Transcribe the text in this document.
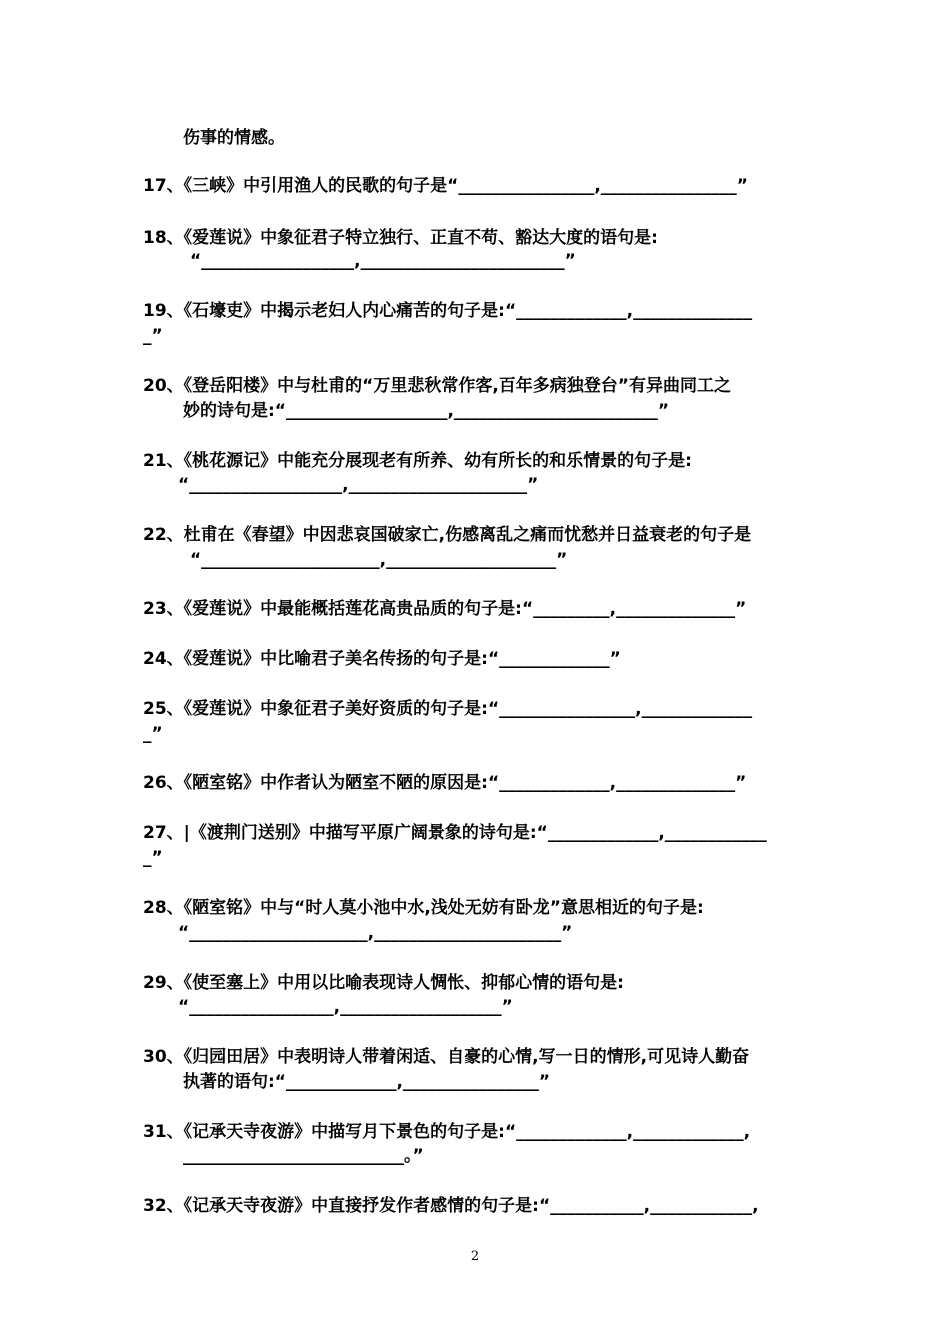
伤事的情感。
17、《三峡》中引用渔人的民歌的句子是“________________,________________”
18、《爱莲说》中象征君子特立独行、正直不苟、豁达大度的语句是:
“__________________,________________________”
19、《石壕吏》中揭示老妇人内心痛苦的句子是:“_____________,______________
_”
20、《登岳阳楼》中与杜甫的“万里悲秋常作客,百年多病独登台”有异曲同工之
妙的诗句是:“___________________,________________________”
21、《桃花源记》中能充分展现老有所养、幼有所长的和乐情景的句子是:
“__________________,_____________________”
22、杜甫在《春望》中因悲哀国破家亡,伤感离乱之痛而忧愁并日益衰老的句子是
“_____________________,____________________”
23、《爱莲说》中最能概括莲花高贵品质的句子是:“_________,______________”
24、《爱莲说》中比喻君子美名传扬的句子是:“_____________”
25、《爱莲说》中象征君子美好资质的句子是:“________________,_____________
_”
26、《陋室铭》中作者认为陋室不陋的原因是:“_____________,______________”
27、|《渡荆门送别》中描写平原广阔景象的诗句是:“_____________,____________
_”
28、《陋室铭》中与“时人莫小池中水,浅处无妨有卧龙”意思相近的句子是:
“_____________________,______________________”
29、《使至塞上》中用以比喻表现诗人惆怅、抑郁心情的语句是:
“_________________,___________________”
30、《归园田居》中表明诗人带着闲适、自豪的心情,写一日的情形,可见诗人勤奋
执著的语句:“_____________,________________”
31、《记承天寺夜游》中描写月下景色的句子是:“_____________,_____________,
__________________________。”
32、《记承天寺夜游》中直接抒发作者感情的句子是:“___________,____________,
2
